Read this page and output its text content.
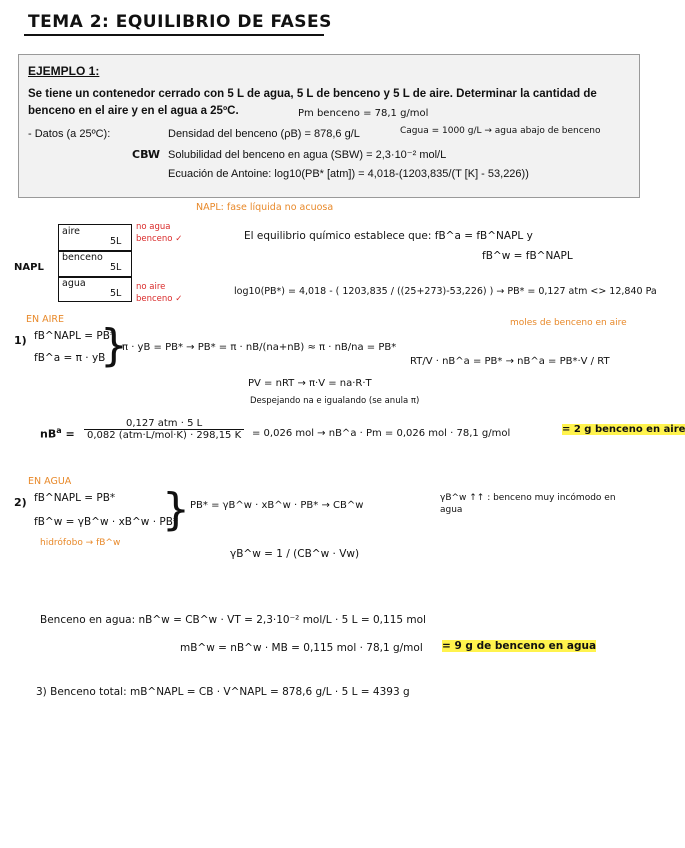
TEMA 2: EQUILIBRIO DE FASES
EJEMPLO 1:
Se tiene un contenedor cerrado con 5 L de agua, 5 L de benceno y 5 L de aire. Determinar la cantidad de benceno en el aire y en el agua a 25ºC.	Pm benceno = 78,1 g/mol
- Datos (a 25ºC):	Densidad del benceno (ρB) = 878,6 g/L	Cagua = 1000 g/L → agua abajo de benceno
CBW Solubilidad del benceno en agua (SBW) = 2,3·10⁻² mol/L
Ecuación de Antoine: log10(PB* [atm]) = 4,018-(1203,835/(T [K] - 53,226))
NAPL: fase líquida no acuosa
aire
5L
benceno
5L
agua
5L
NAPL
no agua
benceno ✓
no aire
benceno ✓
El equilibrio químico establece que: fB^a = fB^NAPL y
fB^w = fB^NAPL
log10(PB*) = 4,018 - ( 1203,835 / ((25+273)-53,226) ) → PB* = 0,127 atm <> 12,840 Pa
EN AIRE
1) fB^NAPL = PB*
fB^a = π · yB
}
π · yB = PB* → PB* = π · nB/(na+nB) ≈ π · nB/na = PB*
moles de benceno en aire
RT/V · nB^a = PB* → nB^a = PB*·V / RT
PV = nRT → π·V = na·R·T
Despejando na e igualando (se anula π)
$nB^a$ =
0,127 atm · 5 L
0,082 (atm·L/mol·K) · 298,15 K	= 0,026 mol → nB^a · Pm = 0,026 mol · 78,1 g/mol	= 2 g benceno en aire
EN AGUA
2) fB^NAPL = PB*
fB^w = γB^w · xB^w · PB*
hidrófobo → fB^w
} PB* = γB^w · xB^w · PB* → CB^w
γB^w ↑↑ : benceno muy incómodo en agua
γB^w = 1 / (CB^w · Vw)
Benceno en agua: nB^w = CB^w · VT = 2,3·10⁻² mol/L · 5 L = 0,115 mol
mB^w = nB^w · MB = 0,115 mol · 78,1 g/mol = 9 g de benceno en agua
3) Benceno total: mB^NAPL = CB · V^NAPL = 878,6 g/L · 5 L = 4393 g
